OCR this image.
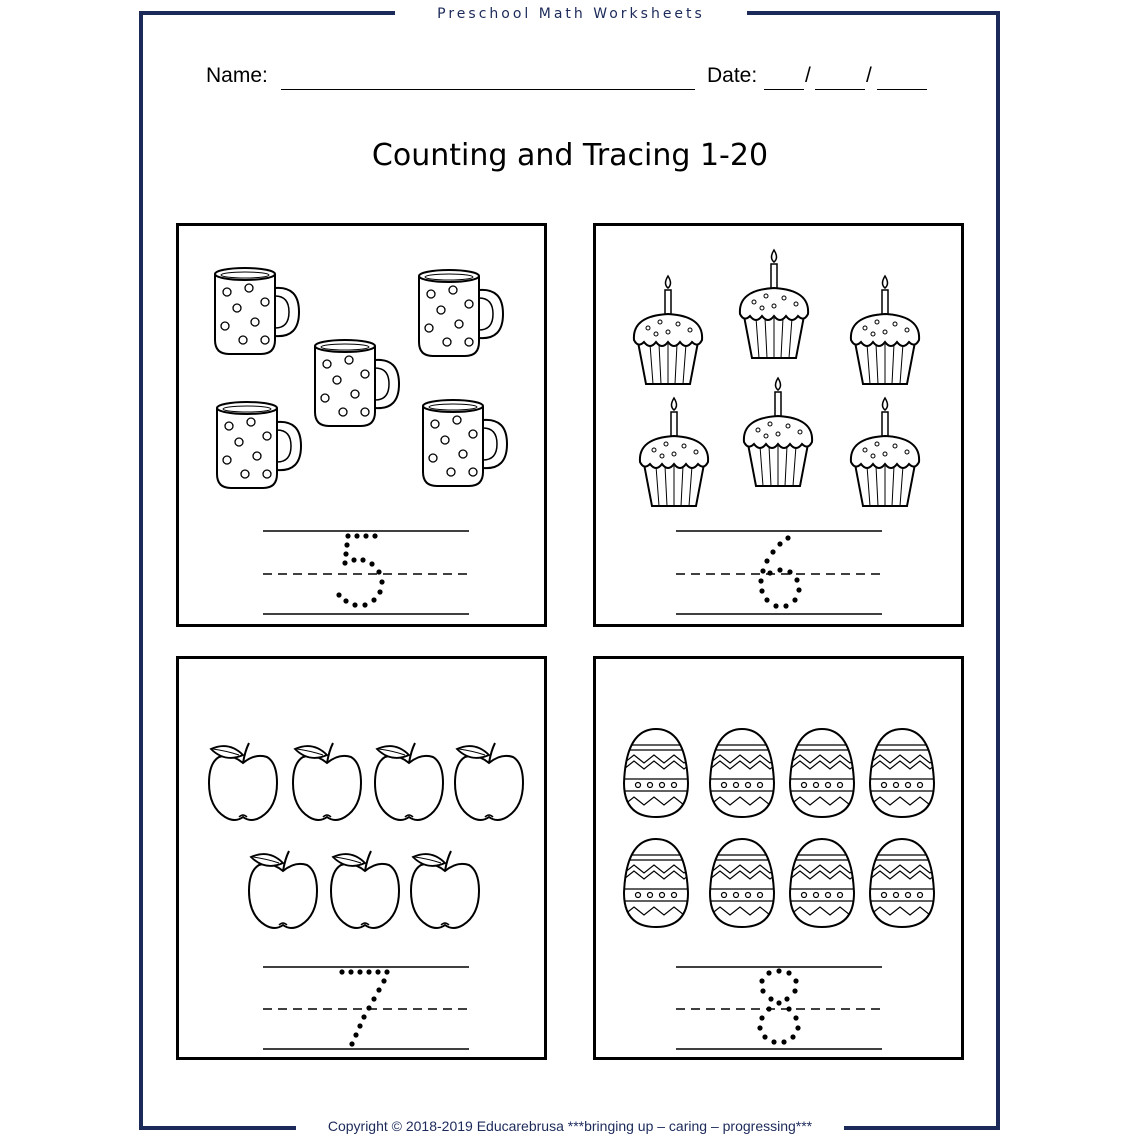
Preschool Math Worksheets
Name:	Date: /	/
Counting and Tracing 1-20
Copyright © 2018-2019 Educarebrusa ***bringing up – caring – progressing***
